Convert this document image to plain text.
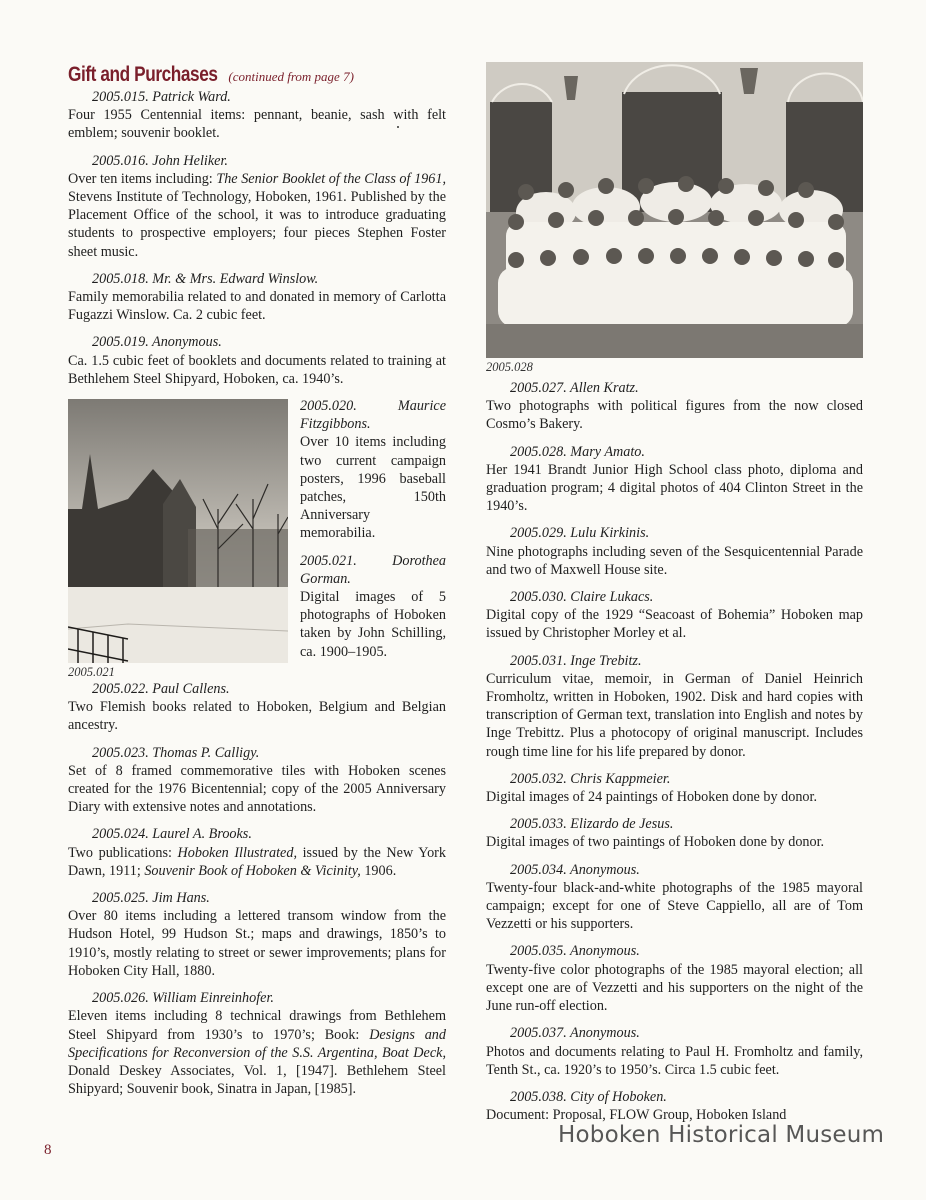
Gift and Purchases (continued from page 7)

2005.015. Patrick Ward.
Four 1955 Centennial items: pennant, beanie, sash with felt emblem; souvenir booklet.

2005.016. John Heliker.
Over ten items including: The Senior Booklet of the Class of 1961, Stevens Institute of Technology, Hoboken, 1961. Published by the Placement Office of the school, it was to introduce graduating students to prospective employers; four pieces Stephen Foster sheet music.

2005.018. Mr. & Mrs. Edward Winslow.
Family memorabilia related to and donated in memory of Carlotta Fugazzi Winslow. Ca. 2 cubic feet.

2005.019. Anonymous.
Ca. 1.5 cubic feet of booklets and documents related to training at Bethlehem Steel Shipyard, Hoboken, ca. 1940’s.

2005.021

2005.020. Maurice Fitzgibbons.
Over 10 items including two current campaign posters, 1996 baseball patches, 150th Anniversary memorabilia.

2005.021. Dorothea Gorman.
Digital images of 5 photographs of Hoboken taken by John Schilling, ca. 1900–1905.

2005.022. Paul Callens.
Two Flemish books related to Hoboken, Belgium and Belgian ancestry.

2005.023. Thomas P. Calligy.
Set of 8 framed commemorative tiles with Hoboken scenes created for the 1976 Bicentennial; copy of the 2005 Anniversary Diary with extensive notes and annotations.

2005.024. Laurel A. Brooks.
Two publications: Hoboken Illustrated, issued by the New York Dawn, 1911; Souvenir Book of Hoboken & Vicinity, 1906.

2005.025. Jim Hans.
Over 80 items including a lettered transom window from the Hudson Hotel, 99 Hudson St.; maps and drawings, 1850’s to 1910’s, mostly relating to street or sewer improvements; plans for Hoboken City Hall, 1880.

2005.026. William Einreinhofer.
Eleven items including 8 technical drawings from Bethlehem Steel Shipyard from 1930’s to 1970’s; Book: Designs and Specifications for Reconversion of the S.S. Argentina, Boat Deck, Donald Deskey Associates, Vol. 1, [1947]. Bethlehem Steel Shipyard; Souvenir book, Sinatra in Japan, [1985].

2005.028

2005.027. Allen Kratz.
Two photographs with political figures from the now closed Cosmo’s Bakery.

2005.028. Mary Amato.
Her 1941 Brandt Junior High School class photo, diploma and graduation program; 4 digital photos of 404 Clinton Street in the 1940’s.

2005.029. Lulu Kirkinis.
Nine photographs including seven of the Sesquicentennial Parade and two of Maxwell House site.

2005.030. Claire Lukacs.
Digital copy of the 1929 “Seacoast of Bohemia” Hoboken map issued by Christopher Morley et al.

2005.031. Inge Trebitz.
Curriculum vitae, memoir, in German of Daniel Heinrich Fromholtz, written in Hoboken, 1902. Disk and hard copies with transcription of German text, translation into English and notes by Inge Trebittz. Plus a photocopy of original manuscript. Includes rough time line for his life prepared by donor.

2005.032. Chris Kappmeier.
Digital images of 24 paintings of Hoboken done by donor.

2005.033. Elizardo de Jesus.
Digital images of two paintings of Hoboken done by donor.

2005.034. Anonymous.
Twenty-four black-and-white photographs of the 1985 mayoral campaign; except for one of Steve Cappiello, all are of Tom Vezzetti or his supporters.

2005.035. Anonymous.
Twenty-five color photographs of the 1985 mayoral election; all except one are of Vezzetti and his supporters on the night of the June run-off election.

2005.037. Anonymous.
Photos and documents relating to Paul H. Fromholtz and family, Tenth St., ca. 1920’s to 1950’s. Circa 1.5 cubic feet.

2005.038. City of Hoboken.
Document: Proposal, FLOW Group, Hoboken Island

8
Hoboken Historical Museum
